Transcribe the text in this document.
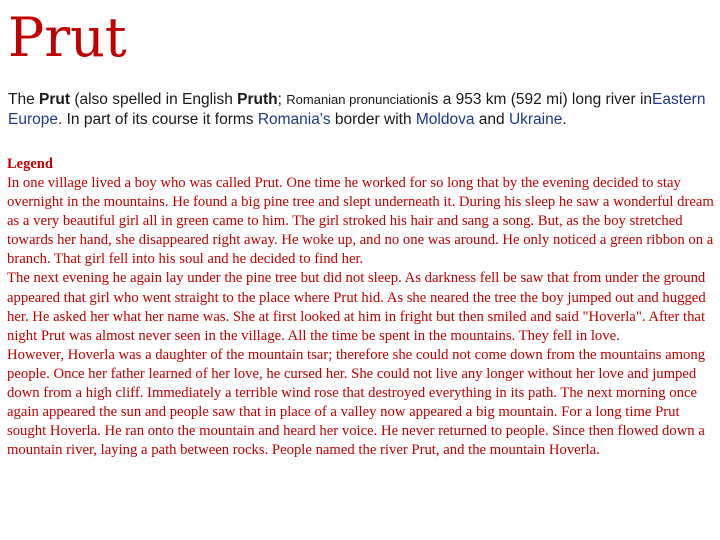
Prut
The Prut (also spelled in English Pruth; Romanian pronunciationis a 953 km (592 mi) long river inEastern Europe. In part of its course it forms Romania's border with Moldova and Ukraine.
Legend

In one village lived a boy who was called Prut. One time he worked for so long that by the evening decided to stay overnight in the mountains. He found a big pine tree and slept underneath it. During his sleep he saw a wonderful dream as a very beautiful girl all in green came to him. The girl stroked his hair and sang a song. But, as the boy stretched towards her hand, she disappeared right away. He woke up, and no one was around. He only noticed a green ribbon on a branch. That girl fell into his soul and he decided to find her.

The next evening he again lay under the pine tree but did not sleep. As darkness fell be saw that from under the ground appeared that girl who went straight to the place where Prut hid. As she neared the tree the boy jumped out and hugged her. He asked her what her name was. She at first looked at him in fright but then smiled and said "Hoverla". After that night Prut was almost never seen in the village. All the time be spent in the mountains. They fell in love.

However, Hoverla was a daughter of the mountain tsar; therefore she could not come down from the mountains among people. Once her father learned of her love, he cursed her. She could not live any longer without her love and jumped down from a high cliff. Immediately a terrible wind rose that destroyed everything in its path. The next morning once again appeared the sun and people saw that in place of a valley now appeared a big mountain. For a long time Prut sought Hoverla. He ran onto the mountain and heard her voice. He never returned to people. Since then flowed down a mountain river, laying a path between rocks. People named the river Prut, and the mountain Hoverla.
